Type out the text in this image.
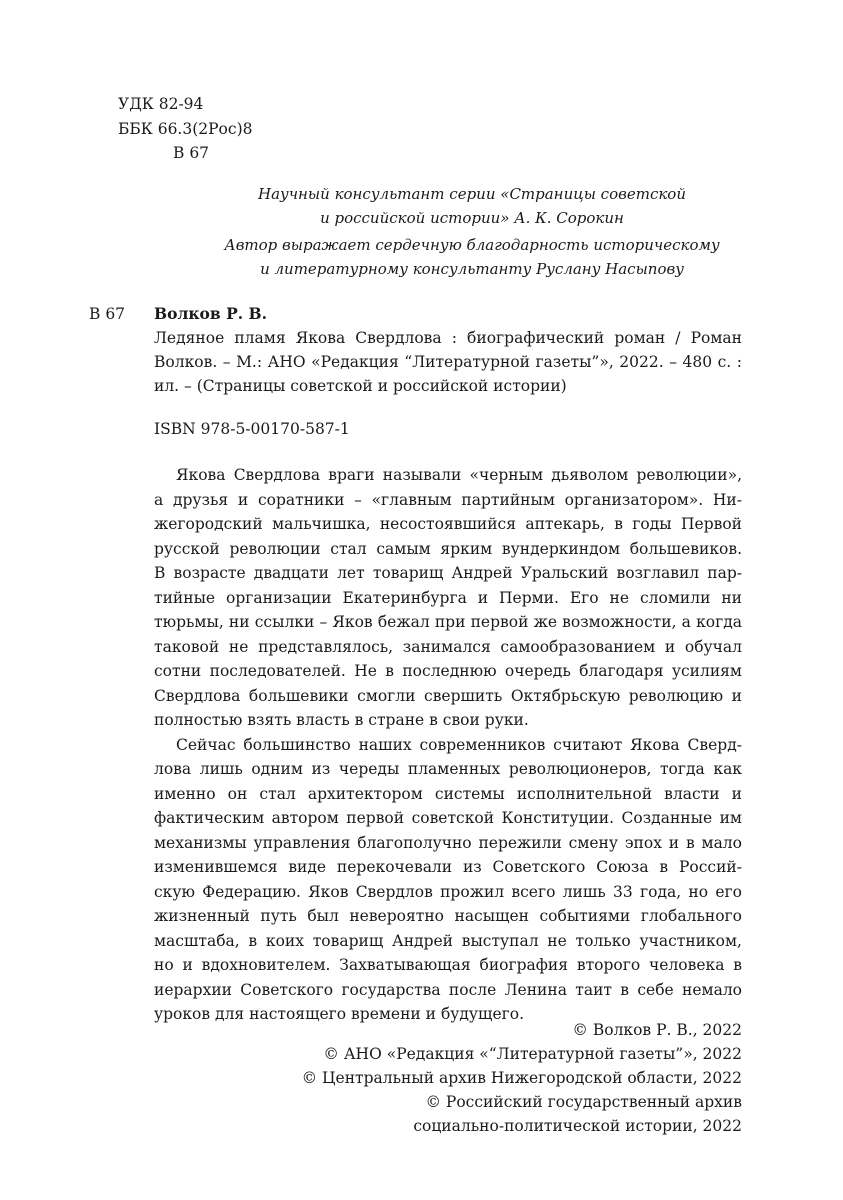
УДК 82-94
ББК 66.3(2Рос)8
В 67
Научный консультант серии «Страницы советской
и российской истории» А. К. Сорокин
Автор выражает сердечную благодарность историческому
и литературному консультанту Руслану Насыпову
В 67 Волков Р. В.
Ледяное пламя Якова Свердлова : биографический роман / Роман
Волков. – М.: АНО «Редакция “Литературной газеты”», 2022. – 480 с. :
ил. – (Страницы советской и российской истории)
ISBN 978-5-00170-587-1
Якова Свердлова враги называли «черным дьяволом революции»,
а друзья и соратники – «главным партийным организатором». Ни-
жегородский мальчишка, несостоявшийся аптекарь, в годы Первой
русской революции стал самым ярким вундеркиндом большевиков.
В возрасте двадцати лет товарищ Андрей Уральский возглавил пар-
тийные организации Екатеринбурга и Перми. Его не сломили ни
тюрьмы, ни ссылки – Яков бежал при первой же возможности, а когда
таковой не представлялось, занимался самообразованием и обучал
сотни последователей. Не в последнюю очередь благодаря усилиям
Свердлова большевики смогли свершить Октябрьскую революцию и
полностью взять власть в стране в свои руки.
Сейчас большинство наших современников считают Якова Сверд-
лова лишь одним из череды пламенных революционеров, тогда как
именно он стал архитектором системы исполнительной власти и
фактическим автором первой советской Конституции. Созданные им
механизмы управления благополучно пережили смену эпох и в мало
изменившемся виде перекочевали из Советского Союза в Россий-
скую Федерацию. Яков Свердлов прожил всего лишь 33 года, но его
жизненный путь был невероятно насыщен событиями глобального
масштаба, в коих товарищ Андрей выступал не только участником,
но и вдохновителем. Захватывающая биография второго человека в
иерархии Советского государства после Ленина таит в себе немало
уроков для настоящего времени и будущего.
© Волков Р. В., 2022
© АНО «Редакция «“Литературной газеты”», 2022
© Центральный архив Нижегородской области, 2022
© Российский государственный архив
социально-политической истории, 2022
